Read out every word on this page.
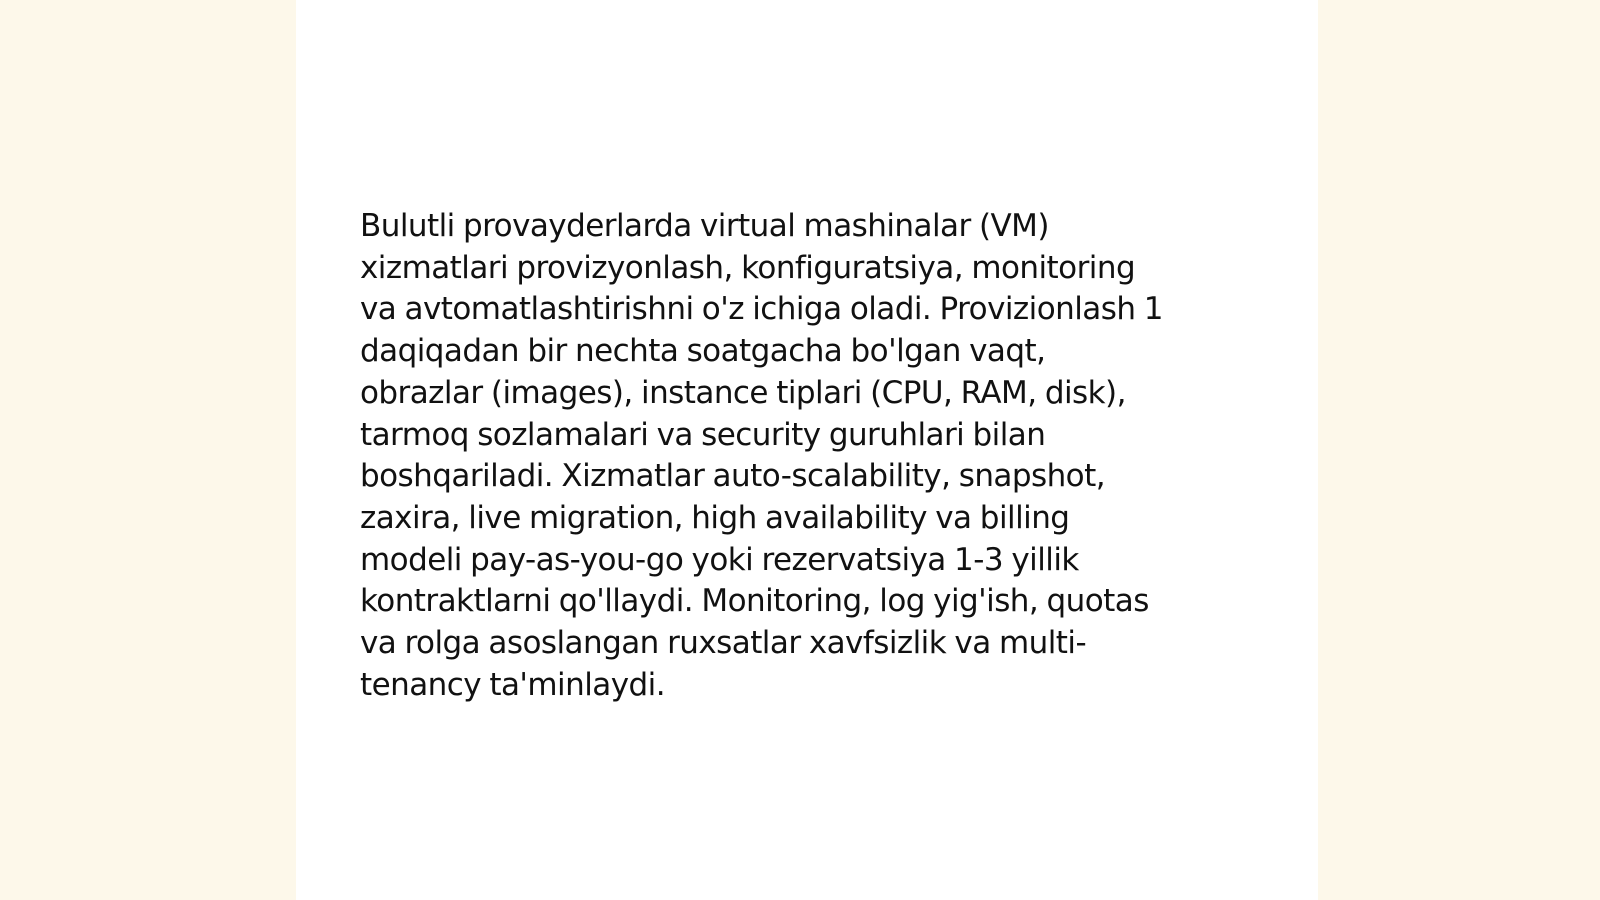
Bulutli provayderlarda virtual mashinalar (VM)
xizmatlari provizyonlash, konfiguratsiya, monitoring
va avtomatlashtirishni o'z ichiga oladi. Provizionlash 1
daqiqadan bir nechta soatgacha bo'lgan vaqt,
obrazlar (images), instance tiplari (CPU, RAM, disk),
tarmoq sozlamalari va security guruhlari bilan
boshqariladi. Xizmatlar auto-scalability, snapshot,
zaxira, live migration, high availability va billing
modeli pay-as-you-go yoki rezervatsiya 1-3 yillik
kontraktlarni qo'llaydi. Monitoring, log yig'ish, quotas
va rolga asoslangan ruxsatlar xavfsizlik va multi-
tenancy ta'minlaydi.
